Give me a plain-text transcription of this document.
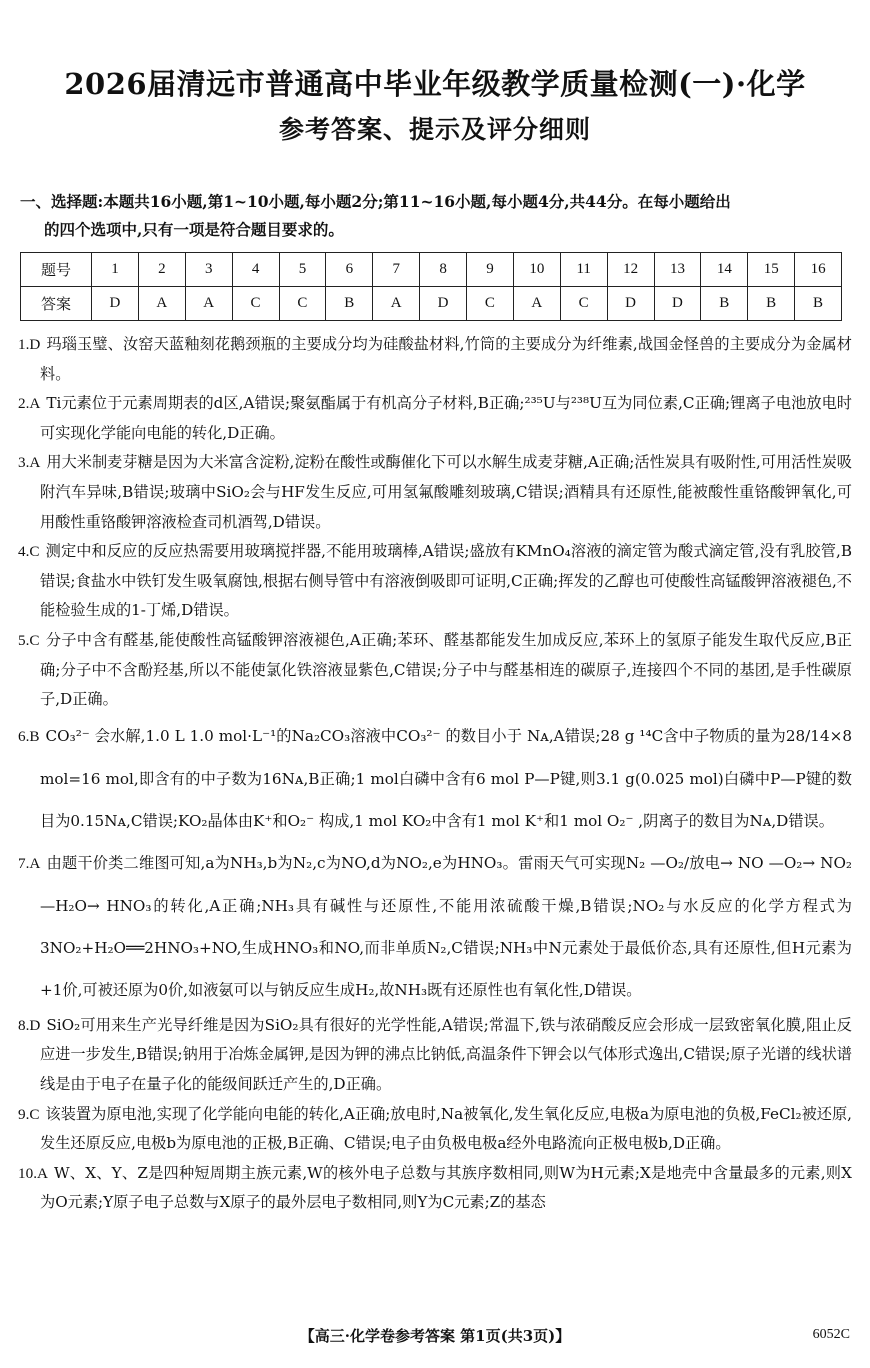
2026届清远市普通高中毕业年级教学质量检测(一)·化学
参考答案、提示及评分细则
一、选择题:本题共16小题,第1~10小题,每小题2分;第11~16小题,每小题4分,共44分。在每小题给出
的四个选项中,只有一项是符合题目要求的。
题号	1	2	3	4	5	6	7	8	9	10	11	12	13	14	15	16
答案	D	A	A	C	C	B	A	D	C	A	C	D	D	B	B	B

1.D 玛瑙玉璧、汝窑天蓝釉刻花鹅颈瓶的主要成分均为硅酸盐材料,竹筒的主要成分为纤维素,战国金怪兽的主要成分为金属材料。

2.A Ti元素位于元素周期表的d区,A错误;聚氨酯属于有机高分子材料,B正确;²³⁵U与²³⁸U互为同位素,C正确;锂离子电池放电时可实现化学能向电能的转化,D正确。

3.A 用大米制麦芽糖是因为大米富含淀粉,淀粉在酸性或酶催化下可以水解生成麦芽糖,A正确;活性炭具有吸附性,可用活性炭吸附汽车异味,B错误;玻璃中SiO₂会与HF发生反应,可用氢氟酸雕刻玻璃,C错误;酒精具有还原性,能被酸性重铬酸钾氧化,可用酸性重铬酸钾溶液检查司机酒驾,D错误。

4.C 测定中和反应的反应热需要用玻璃搅拌器,不能用玻璃棒,A错误;盛放有KMnO₄溶液的滴定管为酸式滴定管,没有乳胶管,B错误;食盐水中铁钉发生吸氧腐蚀,根据右侧导管中有溶液倒吸即可证明,C正确;挥发的乙醇也可使酸性高锰酸钾溶液褪色,不能检验生成的1-丁烯,D错误。

5.C 分子中含有醛基,能使酸性高锰酸钾溶液褪色,A正确;苯环、醛基都能发生加成反应,苯环上的氢原子能发生取代反应,B正确;分子中不含酚羟基,所以不能使氯化铁溶液显紫色,C错误;分子中与醛基相连的碳原子,连接四个不同的基团,是手性碳原子,D正确。

6.B CO₃²⁻ 会水解,1.0 L 1.0 mol·L⁻¹的Na₂CO₃溶液中CO₃²⁻ 的数目小于 Nᴀ,A错误;28 g ¹⁴C含中子物质的量为28/14×8 mol=16 mol,即含有的中子数为16Nᴀ,B正确;1 mol白磷中含有6 mol P—P键,则3.1 g(0.025 mol)白磷中P—P键的数目为0.15Nᴀ,C错误;KO₂晶体由K⁺和O₂⁻ 构成,1 mol KO₂中含有1 mol K⁺和1 mol O₂⁻ ,阴离子的数目为Nᴀ,D错误。

7.A 由题干价类二维图可知,a为NH₃,b为N₂,c为NO,d为NO₂,e为HNO₃。雷雨天气可实现N₂ —O₂/放电→ NO —O₂→ NO₂ —H₂O→ HNO₃的转化,A正确;NH₃具有碱性与还原性,不能用浓硫酸干燥,B错误;NO₂与水反应的化学方程式为3NO₂+H₂O══2HNO₃+NO,生成HNO₃和NO,而非单质N₂,C错误;NH₃中N元素处于最低价态,具有还原性,但H元素为+1价,可被还原为0价,如液氨可以与钠反应生成H₂,故NH₃既有还原性也有氧化性,D错误。

8.D SiO₂可用来生产光导纤维是因为SiO₂具有很好的光学性能,A错误;常温下,铁与浓硝酸反应会形成一层致密氧化膜,阻止反应进一步发生,B错误;钠用于冶炼金属钾,是因为钾的沸点比钠低,高温条件下钾会以气体形式逸出,C错误;原子光谱的线状谱线是由于电子在量子化的能级间跃迁产生的,D正确。

9.C 该装置为原电池,实现了化学能向电能的转化,A正确;放电时,Na被氧化,发生氧化反应,电极a为原电池的负极,FeCl₂被还原,发生还原反应,电极b为原电池的正极,B正确、C错误;电子由负极电极a经外电路流向正极电极b,D正确。

10.A W、X、Y、Z是四种短周期主族元素,W的核外电子总数与其族序数相同,则W为H元素;X是地壳中含量最多的元素,则X为O元素;Y原子电子总数与X原子的最外层电子数相同,则Y为C元素;Z的基态

【高三·化学卷参考答案 第1页(共3页)】	6052C
